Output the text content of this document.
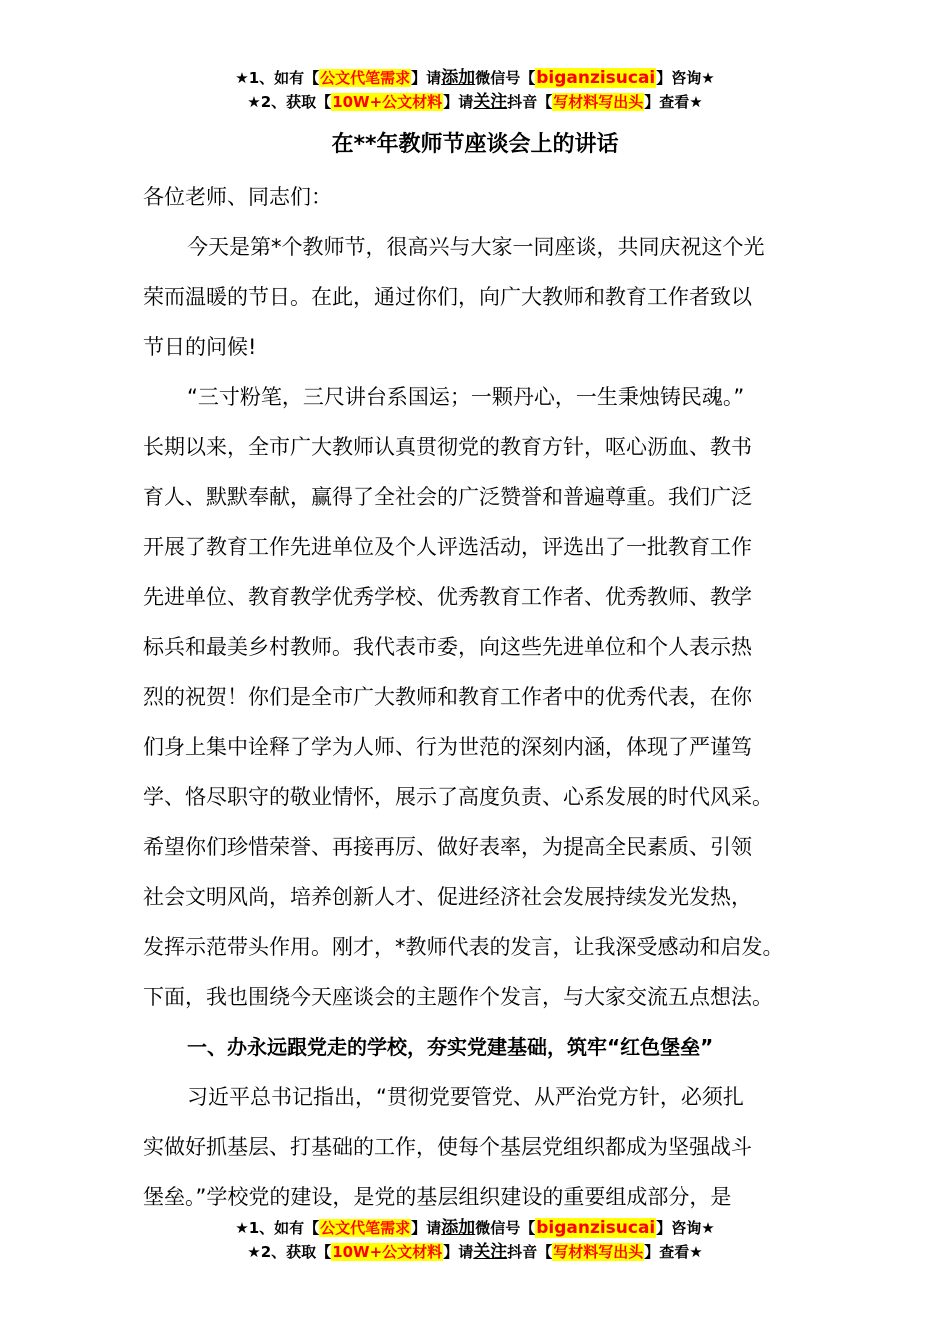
★1、如有【公文代笔需求】请添加微信号【biganzisucai】咨询★
★2、获取【10W+公文材料】请关注抖音【写材料写出头】查看★
在**年教师节座谈会上的讲话

各位老师、同志们：

今天是第*个教师节，很高兴与大家一同座谈，共同庆祝这个光
荣而温暖的节日。在此，通过你们，向广大教师和教育工作者致以
节日的问候!

“三寸粉笔，三尺讲台系国运；一颗丹心，一生秉烛铸民魂。”
长期以来，全市广大教师认真贯彻党的教育方针，呕心沥血、教书
育人、默默奉献，赢得了全社会的广泛赞誉和普遍尊重。我们广泛
开展了教育工作先进单位及个人评选活动，评选出了一批教育工作
先进单位、教育教学优秀学校、优秀教育工作者、优秀教师、教学
标兵和最美乡村教师。我代表市委，向这些先进单位和个人表示热
烈的祝贺！你们是全市广大教师和教育工作者中的优秀代表，在你
们身上集中诠释了学为人师、行为世范的深刻内涵，体现了严谨笃
学、恪尽职守的敬业情怀，展示了高度负责、心系发展的时代风采。
希望你们珍惜荣誉、再接再厉、做好表率，为提高全民素质、引领
社会文明风尚，培养创新人才、促进经济社会发展持续发光发热，
发挥示范带头作用。刚才，*教师代表的发言，让我深受感动和启发。
下面，我也围绕今天座谈会的主题作个发言，与大家交流五点想法。

一、办永远跟党走的学校，夯实党建基础，筑牢“红色堡垒”

习近平总书记指出，“贯彻党要管党、从严治党方针，必须扎
实做好抓基层、打基础的工作，使每个基层党组织都成为坚强战斗
堡垒。”学校党的建设，是党的基层组织建设的重要组成部分，是

★1、如有【公文代笔需求】请添加微信号【biganzisucai】咨询★
★2、获取【10W+公文材料】请关注抖音【写材料写出头】查看★
